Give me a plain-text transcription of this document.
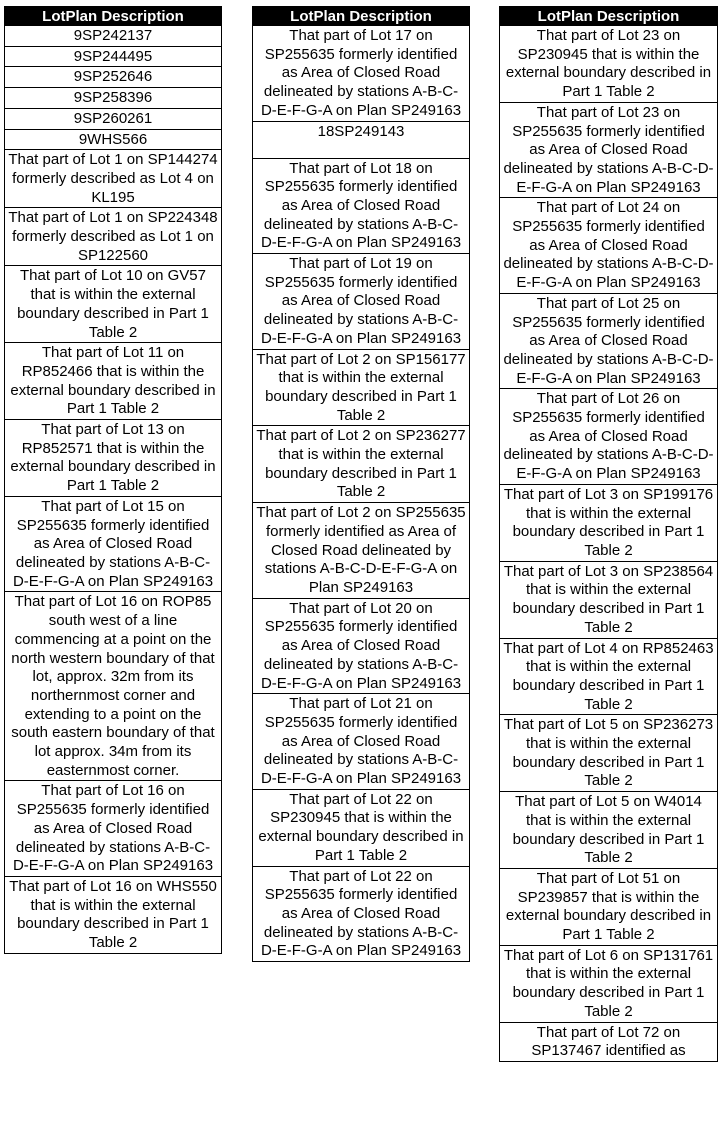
LotPlan Description
9SP242137
9SP244495
9SP252646
9SP258396
9SP260261
9WHS566
That part of Lot 1 on SP144274 formerly described as Lot 4 on KL195
That part of Lot 1 on SP224348 formerly described as Lot 1 on SP122560
That part of Lot 10 on GV57 that is within the external boundary described in Part 1 Table 2
That part of Lot 11 on RP852466 that is within the external boundary described in Part 1 Table 2
That part of Lot 13 on RP852571 that is within the external boundary described in Part 1 Table 2
That part of Lot 15 on SP255635 formerly identified as Area of Closed Road delineated by stations A-B-C-D-E-F-G-A on Plan SP249163
That part of Lot 16 on ROP85 south west of a line commencing at a point on the north western boundary of that lot, approx. 32m from its northernmost corner and extending to a point on the south eastern boundary of that lot approx. 34m from its easternmost corner.
That part of Lot 16 on SP255635 formerly identified as Area of Closed Road delineated by stations A-B-C-D-E-F-G-A on Plan SP249163
That part of Lot 16 on WHS550 that is within the external boundary described in Part 1 Table 2
LotPlan Description
That part of Lot 17 on SP255635 formerly identified as Area of Closed Road delineated by stations A-B-C-D-E-F-G-A on Plan SP249163
18SP249143
That part of Lot 18 on SP255635 formerly identified as Area of Closed Road delineated by stations A-B-C-D-E-F-G-A on Plan SP249163
That part of Lot 19 on SP255635 formerly identified as Area of Closed Road delineated by stations A-B-C-D-E-F-G-A on Plan SP249163
That part of Lot 2 on SP156177 that is within the external boundary described in Part 1 Table 2
That part of Lot 2 on SP236277 that is within the external boundary described in Part 1 Table 2
That part of Lot 2 on SP255635 formerly identified as Area of Closed Road delineated by stations A-B-C-D-E-F-G-A on Plan SP249163
That part of Lot 20 on SP255635 formerly identified as Area of Closed Road delineated by stations A-B-C-D-E-F-G-A on Plan SP249163
That part of Lot 21 on SP255635 formerly identified as Area of Closed Road delineated by stations A-B-C-D-E-F-G-A on Plan SP249163
That part of Lot 22 on SP230945 that is within the external boundary described in Part 1 Table 2
That part of Lot 22 on SP255635 formerly identified as Area of Closed Road delineated by stations A-B-C-D-E-F-G-A on Plan SP249163
LotPlan Description
That part of Lot 23 on SP230945 that is within the external boundary described in Part 1 Table 2
That part of Lot 23 on SP255635 formerly identified as Area of Closed Road delineated by stations A-B-C-D-E-F-G-A on Plan SP249163
That part of Lot 24 on SP255635 formerly identified as Area of Closed Road delineated by stations A-B-C-D-E-F-G-A on Plan SP249163
That part of Lot 25 on SP255635 formerly identified as Area of Closed Road delineated by stations A-B-C-D-E-F-G-A on Plan SP249163
That part of Lot 26 on SP255635 formerly identified as Area of Closed Road delineated by stations A-B-C-D-E-F-G-A on Plan SP249163
That part of Lot 3 on SP199176 that is within the external boundary described in Part 1 Table 2
That part of Lot 3 on SP238564 that is within the external boundary described in Part 1 Table 2
That part of Lot 4 on RP852463 that is within the external boundary described in Part 1 Table 2
That part of Lot 5 on SP236273 that is within the external boundary described in Part 1 Table 2
That part of Lot 5 on W4014 that is within the external boundary described in Part 1 Table 2
That part of Lot 51 on SP239857 that is within the external boundary described in Part 1 Table 2
That part of Lot 6 on SP131761 that is within the external boundary described in Part 1 Table 2
That part of Lot 72 on SP137467 identified as
